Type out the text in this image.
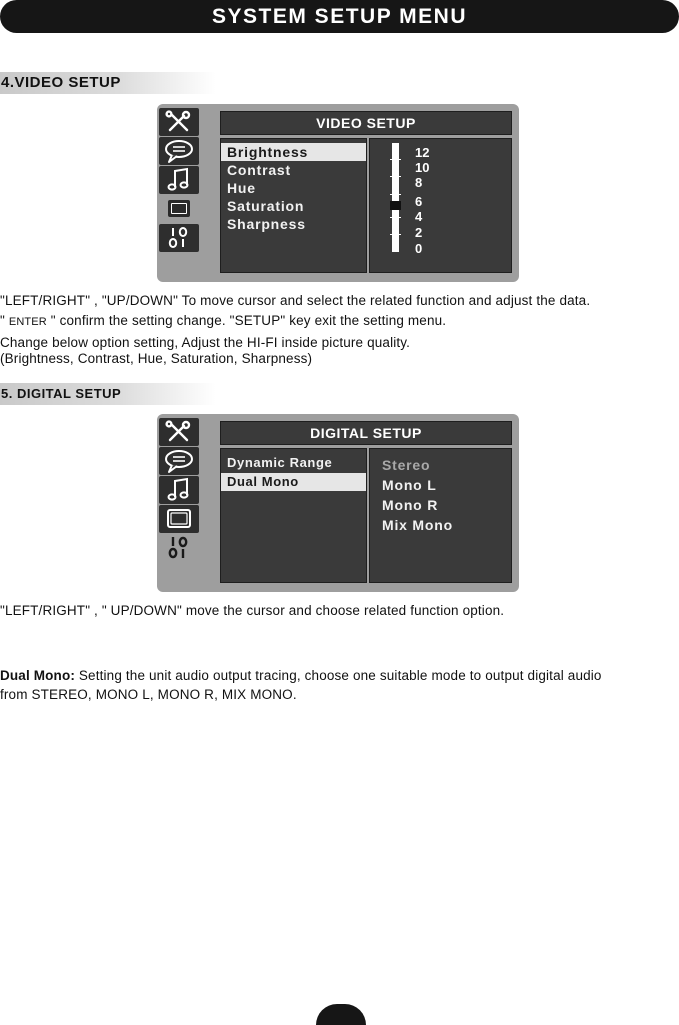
SYSTEM SETUP MENU
4.VIDEO SETUP
VIDEO SETUP
Brightness
Contrast
Hue
Saturation
Sharpness
12
10
8
6
4
2
0
"LEFT/RIGHT" , "UP/DOWN" To move cursor and select the related function and adjust the data.
" ENTER " confirm the setting change. "SETUP" key exit the setting menu.
Change below option setting, Adjust the HI-FI inside picture quality.
(Brightness, Contrast, Hue, Saturation, Sharpness)
5. DIGITAL SETUP
DIGITAL SETUP
Dynamic Range
Dual Mono
Stereo
Mono L
Mono R
Mix Mono
"LEFT/RIGHT" , " UP/DOWN" move the cursor and choose related function option.
Dual Mono: Setting the unit audio output tracing, choose one suitable mode to output digital audio
from STEREO, MONO L, MONO R, MIX MONO.
